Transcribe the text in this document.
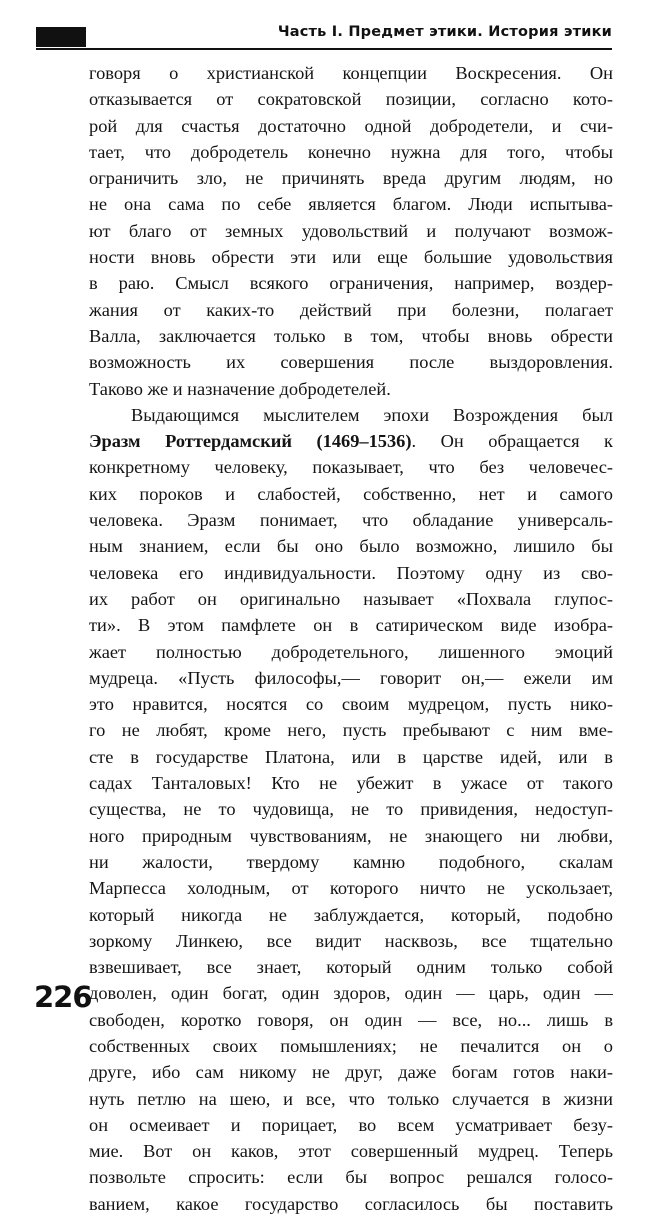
Часть I. Предмет этики. История этики
говоря о христианской концепции Воскресения. Он
отказывается от сократовской позиции, согласно кото-
рой для счастья достаточно одной добродетели, и счи-
тает, что добродетель конечно нужна для того, чтобы
ограничить зло, не причинять вреда другим людям, но
не она сама по себе является благом. Люди испытыва-
ют благо от земных удовольствий и получают возмож-
ности вновь обрести эти или еще большие удовольствия
в раю. Смысл всякого ограничения, например, воздер-
жания от каких-то действий при болезни, полагает
Валла, заключается только в том, чтобы вновь обрести
возможность их совершения после выздоровления.
Таково же и назначение добродетелей.
Выдающимся мыслителем эпохи Возрождения был
Эразм Роттердамский (1469–1536). Он обращается к
конкретному человеку, показывает, что без человечес-
ких пороков и слабостей, собственно, нет и самого
человека. Эразм понимает, что обладание универсаль-
ным знанием, если бы оно было возможно, лишило бы
человека его индивидуальности. Поэтому одну из сво-
их работ он оригинально называет «Похвала глупос-
ти». В этом памфлете он в сатирическом виде изобра-
жает полностью добродетельного, лишенного эмоций
мудреца. «Пусть философы,— говорит он,— ежели им
это нравится, носятся со своим мудрецом, пусть нико-
го не любят, кроме него, пусть пребывают с ним вме-
сте в государстве Платона, или в царстве идей, или в
садах Танталовых! Кто не убежит в ужасе от такого
существа, не то чудовища, не то привидения, недоступ-
ного природным чувствованиям, не знающего ни любви,
ни жалости, твердому камню подобного, скалам
Марпесса холодным, от которого ничто не ускользает,
который никогда не заблуждается, который, подобно
зоркому Линкею, все видит насквозь, все тщательно
взвешивает, все знает, который одним только собой
доволен, один богат, один здоров, один — царь, один —
свободен, коротко говоря, он один — все, но... лишь в
собственных своих помышлениях; не печалится он о
друге, ибо сам никому не друг, даже богам готов наки-
нуть петлю на шею, и все, что только случается в жизни
он осмеивает и порицает, во всем усматривает безу-
мие. Вот он каков, этот совершенный мудрец. Теперь
позвольте спросить: если бы вопрос решался голосо-
ванием, какое государство согласилось бы поставить
226
